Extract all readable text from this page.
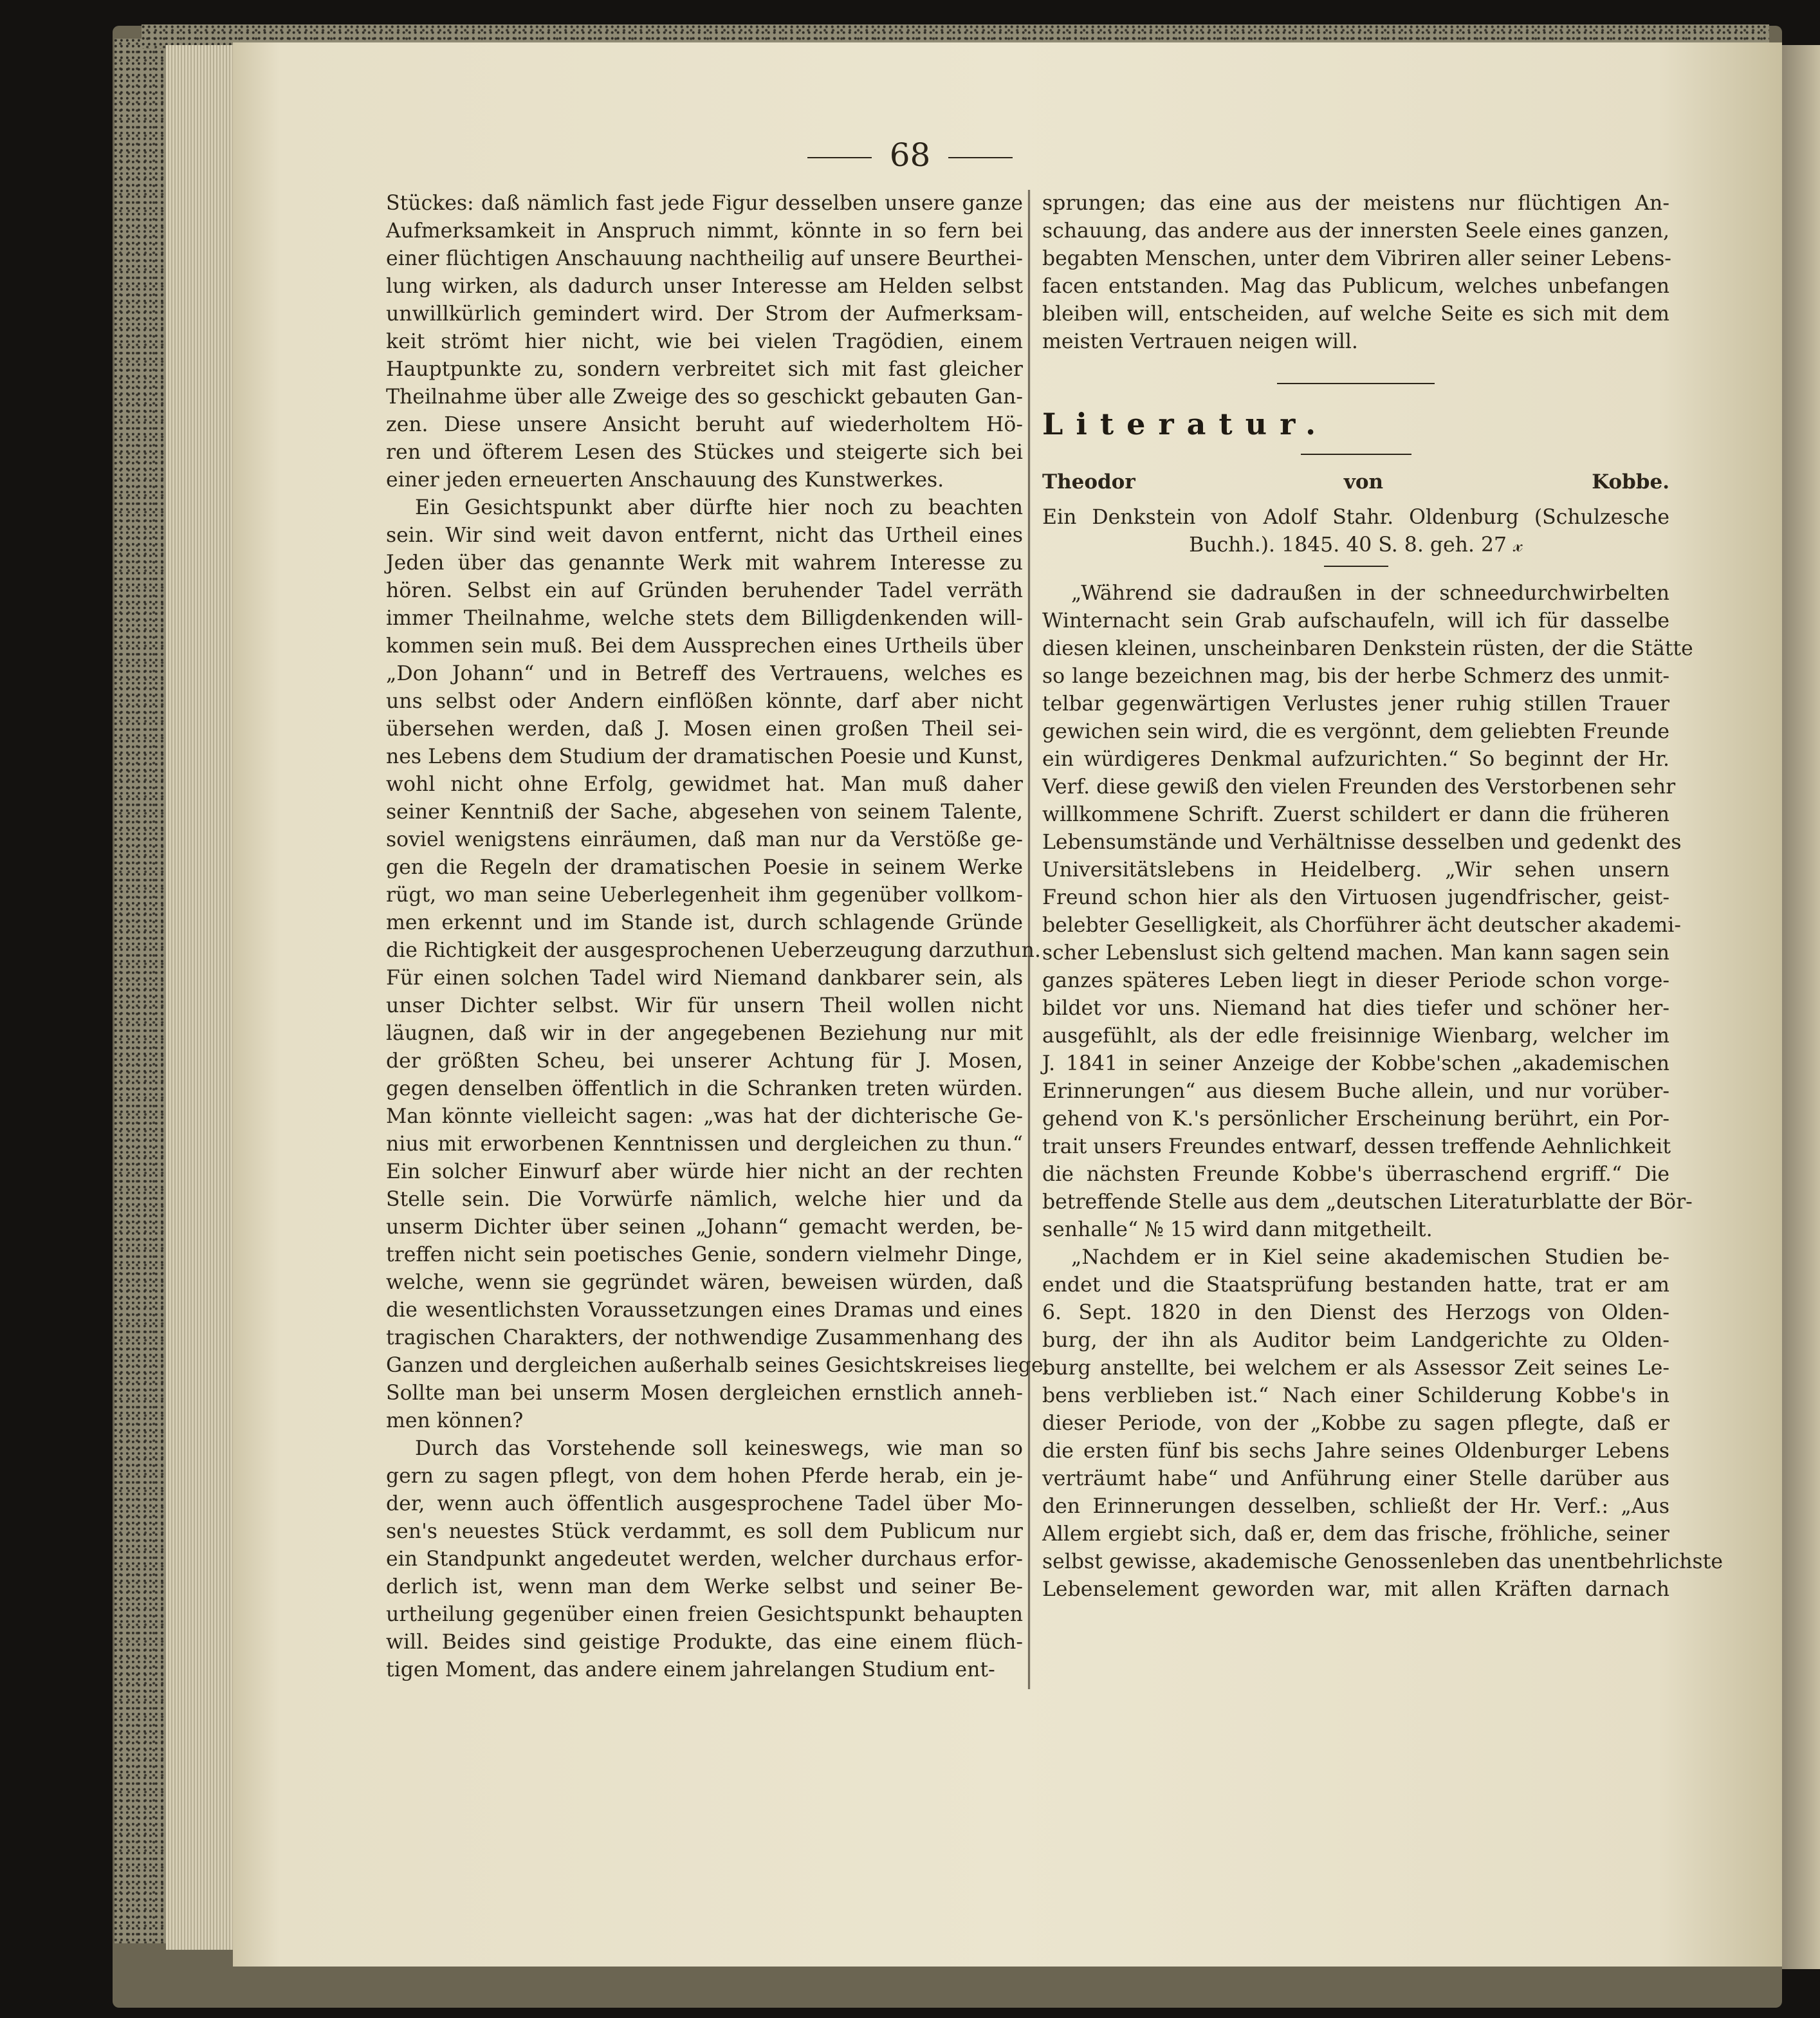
68

Stückes: daß nämlich fast jede Figur desselben unsere ganze

Aufmerksamkeit in Anspruch nimmt, könnte in so fern bei

einer flüchtigen Anschauung nachtheilig auf unsere Beurthei-

lung wirken, als dadurch unser Interesse am Helden selbst

unwillkürlich gemindert wird. Der Strom der Aufmerksam-

keit strömt hier nicht, wie bei vielen Tragödien, einem

Hauptpunkte zu, sondern verbreitet sich mit fast gleicher

Theilnahme über alle Zweige des so geschickt gebauten Gan-

zen. Diese unsere Ansicht beruht auf wiederholtem Hö-

ren und öfterem Lesen des Stückes und steigerte sich bei

einer jeden erneuerten Anschauung des Kunstwerkes.

Ein Gesichtspunkt aber dürfte hier noch zu beachten

sein. Wir sind weit davon entfernt, nicht das Urtheil eines

Jeden über das genannte Werk mit wahrem Interesse zu

hören. Selbst ein auf Gründen beruhender Tadel verräth

immer Theilnahme, welche stets dem Billigdenkenden will-

kommen sein muß. Bei dem Aussprechen eines Urtheils über

„Don Johann“ und in Betreff des Vertrauens, welches es

uns selbst oder Andern einflößen könnte, darf aber nicht

übersehen werden, daß J. Mosen einen großen Theil sei-

nes Lebens dem Studium der dramatischen Poesie und Kunst,

wohl nicht ohne Erfolg, gewidmet hat. Man muß daher

seiner Kenntniß der Sache, abgesehen von seinem Talente,

soviel wenigstens einräumen, daß man nur da Verstöße ge-

gen die Regeln der dramatischen Poesie in seinem Werke

rügt, wo man seine Ueberlegenheit ihm gegenüber vollkom-

men erkennt und im Stande ist, durch schlagende Gründe

die Richtigkeit der ausgesprochenen Ueberzeugung darzuthun.

Für einen solchen Tadel wird Niemand dankbarer sein, als

unser Dichter selbst. Wir für unsern Theil wollen nicht

läugnen, daß wir in der angegebenen Beziehung nur mit

der größten Scheu, bei unserer Achtung für J. Mosen,

gegen denselben öffentlich in die Schranken treten würden.

Man könnte vielleicht sagen: „was hat der dichterische Ge-

nius mit erworbenen Kenntnissen und dergleichen zu thun.“

Ein solcher Einwurf aber würde hier nicht an der rechten

Stelle sein. Die Vorwürfe nämlich, welche hier und da

unserm Dichter über seinen „Johann“ gemacht werden, be-

treffen nicht sein poetisches Genie, sondern vielmehr Dinge,

welche, wenn sie gegründet wären, beweisen würden, daß

die wesentlichsten Voraussetzungen eines Dramas und eines

tragischen Charakters, der nothwendige Zusammenhang des

Ganzen und dergleichen außerhalb seines Gesichtskreises liege.

Sollte man bei unserm Mosen dergleichen ernstlich anneh-

men können?

Durch das Vorstehende soll keineswegs, wie man so

gern zu sagen pflegt, von dem hohen Pferde herab, ein je-

der, wenn auch öffentlich ausgesprochene Tadel über Mo-

sen's neuestes Stück verdammt, es soll dem Publicum nur

ein Standpunkt angedeutet werden, welcher durchaus erfor-

derlich ist, wenn man dem Werke selbst und seiner Be-

urtheilung gegenüber einen freien Gesichtspunkt behaupten

will. Beides sind geistige Produkte, das eine einem flüch-

tigen Moment, das andere einem jahrelangen Studium ent-

sprungen; das eine aus der meistens nur flüchtigen An-

schauung, das andere aus der innersten Seele eines ganzen,

begabten Menschen, unter dem Vibriren aller seiner Lebens-

facen entstanden. Mag das Publicum, welches unbefangen

bleiben will, entscheiden, auf welche Seite es sich mit dem

meisten Vertrauen neigen will.

Literatur.

Theodor von Kobbe.

Ein Denkstein von Adolf Stahr. Oldenburg (Schulzesche

Buchh.). 1845. 40 S. 8. geh. 27 𝓍

„Während sie dadraußen in der schneedurchwirbelten

Winternacht sein Grab aufschaufeln, will ich für dasselbe

diesen kleinen, unscheinbaren Denkstein rüsten, der die Stätte

so lange bezeichnen mag, bis der herbe Schmerz des unmit-

telbar gegenwärtigen Verlustes jener ruhig stillen Trauer

gewichen sein wird, die es vergönnt, dem geliebten Freunde

ein würdigeres Denkmal aufzurichten.“ So beginnt der Hr.

Verf. diese gewiß den vielen Freunden des Verstorbenen sehr

willkommene Schrift. Zuerst schildert er dann die früheren

Lebensumstände und Verhältnisse desselben und gedenkt des

Universitätslebens in Heidelberg. „Wir sehen unsern

Freund schon hier als den Virtuosen jugendfrischer, geist-

belebter Geselligkeit, als Chorführer ächt deutscher akademi-

scher Lebenslust sich geltend machen. Man kann sagen sein

ganzes späteres Leben liegt in dieser Periode schon vorge-

bildet vor uns. Niemand hat dies tiefer und schöner her-

ausgefühlt, als der edle freisinnige Wienbarg, welcher im

J. 1841 in seiner Anzeige der Kobbe'schen „akademischen

Erinnerungen“ aus diesem Buche allein, und nur vorüber-

gehend von K.'s persönlicher Erscheinung berührt, ein Por-

trait unsers Freundes entwarf, dessen treffende Aehnlichkeit

die nächsten Freunde Kobbe's überraschend ergriff.“ Die

betreffende Stelle aus dem „deutschen Literaturblatte der Bör-

senhalle“ № 15 wird dann mitgetheilt.

„Nachdem er in Kiel seine akademischen Studien be-

endet und die Staatsprüfung bestanden hatte, trat er am

6. Sept. 1820 in den Dienst des Herzogs von Olden-

burg, der ihn als Auditor beim Landgerichte zu Olden-

burg anstellte, bei welchem er als Assessor Zeit seines Le-

bens verblieben ist.“ Nach einer Schilderung Kobbe's in

dieser Periode, von der „Kobbe zu sagen pflegte, daß er

die ersten fünf bis sechs Jahre seines Oldenburger Lebens

verträumt habe“ und Anführung einer Stelle darüber aus

den Erinnerungen desselben, schließt der Hr. Verf.: „Aus

Allem ergiebt sich, daß er, dem das frische, fröhliche, seiner

selbst gewisse, akademische Genossenleben das unentbehrlichste

Lebenselement geworden war, mit allen Kräften darnach
